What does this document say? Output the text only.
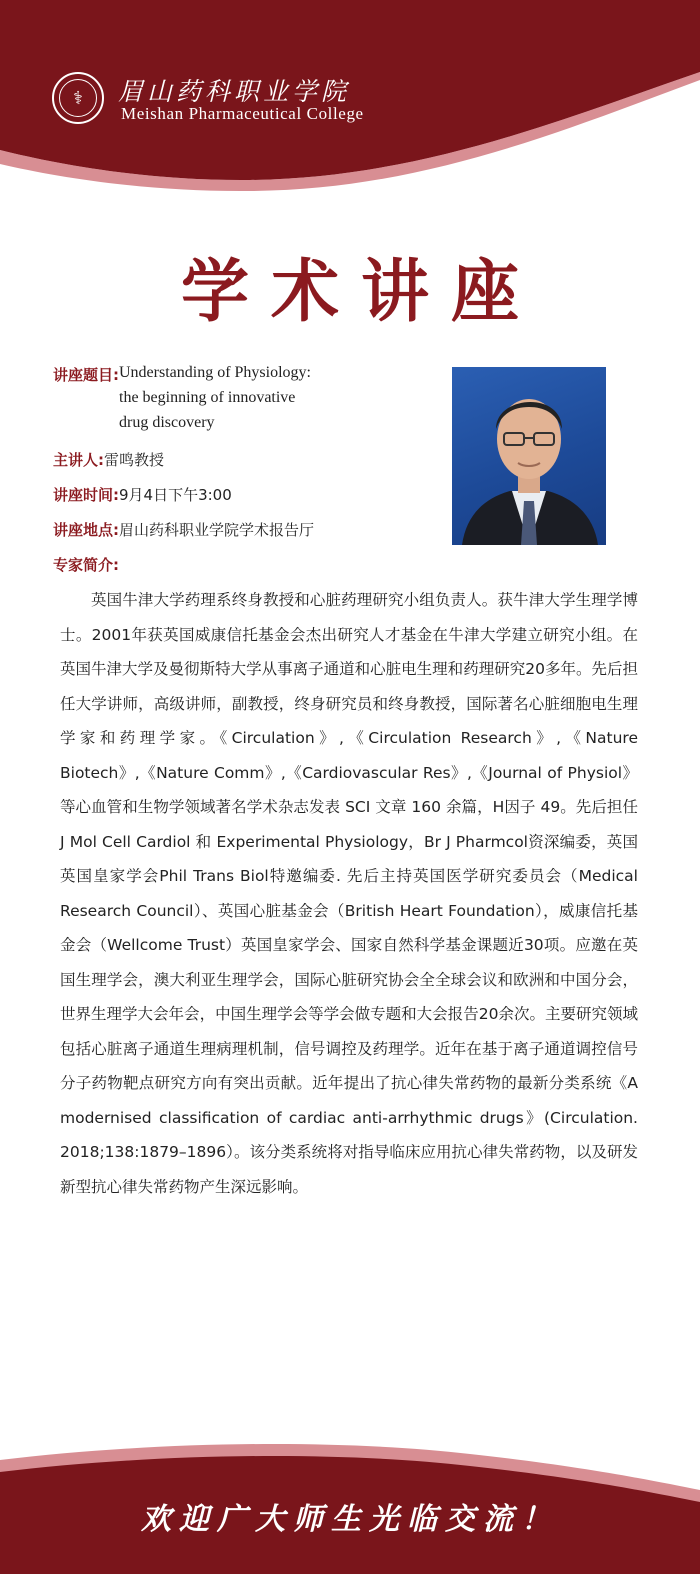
⚕	眉山药科职业学院
Meishan Pharmaceutical College
学术讲座
讲座题目: Understanding of Physiology:
the beginning of innovative
drug discovery
主讲人: 雷鸣教授
讲座时间: 9月4日下午3:00
讲座地点: 眉山药科职业学院学术报告厅
专家简介:

英国牛津大学药理系终身教授和心脏药理研究小组负责人。获牛津大学生理学博士。2001年获英国威康信托基金会杰出研究人才基金在牛津大学建立研究小组。在英国牛津大学及曼彻斯特大学从事离子通道和心脏电生理和药理研究20多年。先后担任大学讲师，高级讲师，副教授，终身研究员和终身教授，国际著名心脏细胞电生理学家和药理学家。《Circulation》,《Circulation Research》,《Nature Biotech》,《Nature Comm》,《Cardiovascular Res》,《Journal of Physiol》等心血管和生物学领域著名学术杂志发表 SCI 文章 160 余篇，H因子 49。先后担任 J Mol Cell Cardiol 和 Experimental Physiology，Br J Pharmcol资深编委，英国英国皇家学会Phil Trans Biol特邀编委. 先后主持英国医学研究委员会（Medical Research Council）、英国心脏基金会（British Heart Foundation），威康信托基金会（Wellcome Trust）英国皇家学会、国家自然科学基金课题近30项。应邀在英国生理学会，澳大利亚生理学会，国际心脏研究协会全全球会议和欧洲和中国分会，世界生理学大会年会，中国生理学会等学会做专题和大会报告20余次。主要研究领域包括心脏离子通道生理病理机制，信号调控及药理学。近年在基于离子通道调控信号分子药物靶点研究方向有突出贡献。近年提出了抗心律失常药物的最新分类系统《A modernised classification of cardiac anti-arrhythmic drugs》(Circulation. 2018;138:1879–1896）。该分类系统将对指导临床应用抗心律失常药物，以及研发新型抗心律失常药物产生深远影响。

欢迎广大师生光临交流！
